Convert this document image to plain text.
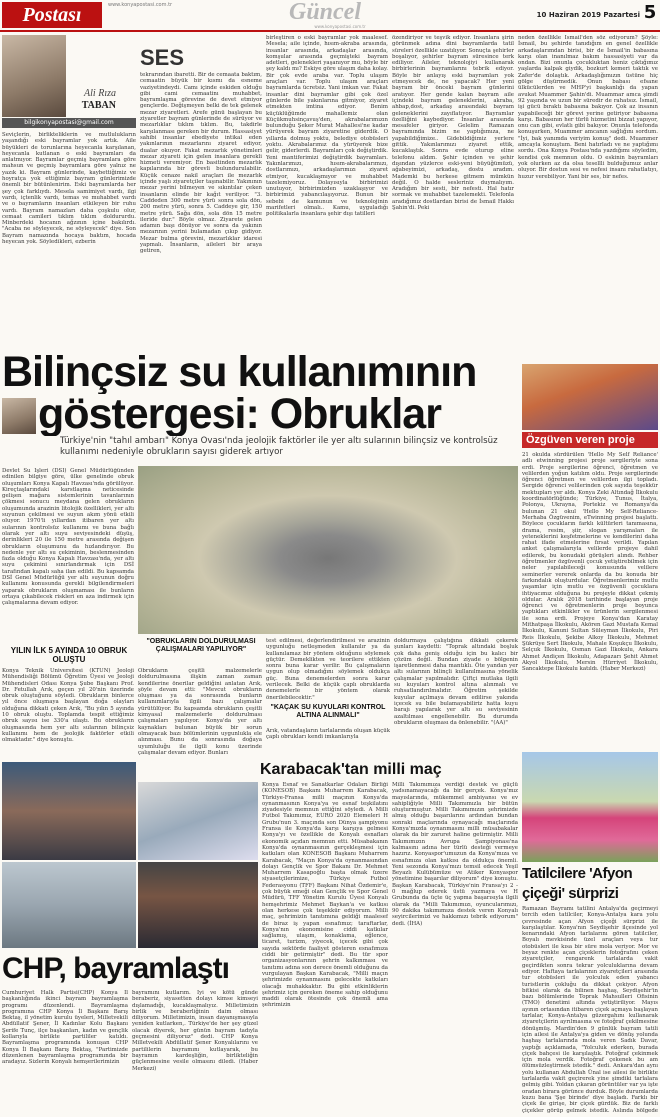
Postası	www.konyapostasi.com.tr	Güncel
www.konyapostasi.com.tr
10 Haziran 2019 Pazartesi 5
Ali Rıza
TABAN
bilgikonyapostasi@gmail.com
SES
Seviçlerin, birlikteliklerin ve mutlulukların yaşandığı eski bayramlar yok artık. Aile büyükleri de torunlarına heyecanla karşılanan, heyecanla kutlanan o eski bayramları da anlatmıyor. Bayramlar geçmiş bayramlara göre mahsun ve geçmiş bayramlara göre yalnız ne yazık ki. Bayram günlerinde, kaybettiğimiz ve hoyratça yok ettiğimiz bayram günlerimizde önemli bir bütünlenirim. Eski bayramlarda her şey çok farklıydı. Mesela samimiyet vardı, ilgi vardı, içtenlik vardı, temas ve muhabbet vardı ve o bayramların insanları etkileyen bir ruhu vardı. Bayram namazları daha çoşkulu olur, cemaat camileri tıklım tıklım doldururdu. Minberdeki hocanın ağzının içine bakılırdı. "Acaba ne söyleyecek, ne söyleyecek" diye. Son Bayram namazında hocaya baktım, hocada heyecan yok. Söyledikleri, ezberin
tekrarından ibaretti. Bir de cemaata baktım, cemaatin büyük bir kısmı da esneme vaziyetindeydi. Camı içinde eskiden olduğu gibi cami cemaatinı muhabbet, bayramlaşma görevine de devet etmiyor gençlerde. Değişmeyen belki de tek gelenek mezar ziyaretleri. Arefe günü başlayan bu ziyaretler bayram günlerinde de sürüyor ve mezarlıklar tıklım tıklım. Bu, takdirle karşılanması gereken bir durum. Hassasiyet sahibi insanlar ebediyete intikal eden yakınlarının mezarlarını ziyaret ediyor, dualar okuyor. Fakat mezarlık yönetimleri mezar ziyareti için gelen insanlara gerekli hizmeti veremiyor. En basitinden mezarlık kapılarında bir görevli bulundurulabilir. Küçük cenaze nakil araçları ile mezarlık içinde yaşlı ziyaretçiler taşınabilir. Yakınının mezar yerini bilmeyen ve sıkıntılar çeken insanların elinde bir kağıt veriliyor. "3. Caddeden 300 metre yürü sonra sola dön, 200 metre yürü, sonra 5. Caddeye gir, 150 metre yürü. Sağa dön, sola dön 15 metre ileride dur." Böyle olmaz. Ziyarete gelen adamın başı dönüyor ve sonra da yakının mezarının yerini bulamadan çıkıp gidiyor. Mezar bulma görevini, mezarlıklar idaresi yapmalı. İnsanların, aileleri bir araya getiren,
birleştiren o eski bayramlar yok maalesef. Mesela; aile içinde, hısım-akraba arasında, insanlar arasında, arkadaşlar arasında, komşular arasında geçmişteki bayram adetleri, gelenekleri yaşanıyor mu, böyle bir şey kaldı mı? Eskiye göre ulaşım daha kolay. Bir çok evde araba var. Toplu ulaşım araçları var. Toplu ulaşım araçları bayramlarda ücretsiz. Yani imkan var. Fakat insanlar dini bayramlar gibi çok özel günlerde bile yakınlarına gitmiyor, ziyaret etmekten imtina ediyor. Benim küçüklüğümde mahallemiz olan Küçükmuhsinçavuş'den, akrabalarımızın bulunduğu Şeker Murat Mahallesi'ne kadar yürüyerek bayram ziyaretine giderdik. O yıllarda dolmuş yoktu, belediye otobüsleri yoktu. Akrabalarımız da yürüyerek bize gelir, giderlerdi. Bayramları çok değiştirdik. Yeni mantiferimizi değiştirdik bayramları. Yakınlarımızı, hısım-akrabalarımızı, dostlarımızı, arkadaşlarımızı ziyaret etmiyor, kucaklaşmıyor ve muhabbet tazelemiyoruz. Dolayısıyla birbirimizi unutuyor, birbirimizden uzaklaşıyor ve birbirimizi yabancılaşıyoruz. Bunun bir sebebi de kamunun ve teknolojinin marifetleri olmalı.. Kamu, uyguladığı politikalarla insanlara şehir dışı tatilleri
özendiriyor ve teşvik ediyor. İnsanlara şirin görünmek adına dini bayramlarda tatil süreleri özellikle uzatılıyor. Sonuçta şehirler boşalıyor, şehirler bayram süresince terk ediliyor. Aileler, teknolojiyi kullanarak birbirlerinin bayramlarını tebrik ediyor. Böyle bir anlayış eski bayramları yok etmeyecek de, ne yapacak? Her yeni bayram bir önceki bayram günlerini aratıyor. Her gende kalan bayram aile içindeki bayram geleneklerini, akraba, ahbap,dost, arkadaş arasındaki bayram geleneklerini zayıflatıyor. Bayramlar özelliğini kaybediyor. İnsanlar arasında mesafeler giriyor. Gelelim Ramazan bayramında bizim ne yaptığımıza, ne yapabildiğimize.. Gidebildiğimiz yerlere gittik. Yakınlarımızı ziyaret ettik, kucaklaştık. Sonra evde oturup eline telefonu aldım. Şehir içinden ve şehir dışından yüzlerce eski-yeni büyüğümüzü, ağabeyimizi, arkadaş, dostu aradım. Mademki bu herkese gitmem mümkün değil. O halde sesleriniz duymalıyım. Aradığım bir sesti, bir nefesti. Hal hatır sormak ve muhabbet tazelemekti. Telefonla aradığımız dostlardan birisi de İsmail Hakkı Şahin'di. Peki
neden özellikle İsmail'den söz ediyorum? Şöyle: İsmail, bu şehirde tanıdığım en genel özellikle arkadaşlarımdan birisi, bir de İsmail'in babasına karşı olan inanılmaz bakım hassasiyeti var da ondan. Bizi onunla çocukluktan heniz çıktığımız yaşlarda kalpak giydik, bozkurt kemeri taktık ve Zafer'de dolaştık. Arkadaşlığımızın üstüne hiç gölge düşürmedik. Onun babası efsane ülkücülerden ve MHP'yi başkanlığı da yapan avukat Muammer Şahin'di. Muammar amca şimdi 92 yaşında ve uzun bir süredir de rahatsız. İsmail, işi gücü bıraktı babasına bakıyor. Çok az insanın yapabileceği bir görevi yerine getiriyor babasına karşı. Babasının her türlü hizmetini bizzat yapıyor, onu can gibi, evlatlı gibi bakıyor. Onunla telefonda konuşurken, Muammer amcanın sağlığını sordum. "İyi, bak yanımda veriyim konuş" dedi. Muammer amcayla konuştum. Beni hatırladı ve ne yaptığımı sordu. Ona Konya Postası'nda yazdığımı söyledim, kendisi çok memnun oldu. O eskinin bayramları yok olurken az da olsa tesellli bulduğumuz anlar oluyor. Bir dostun sesi ve nefesi insanı rahatlatıyı, huzur verebiliyor. Yani bir ses, bir nefes.
Bilinçsiz su kullanımının
göstergesi: Obruklar
Türkiye'nin "tahıl ambarı" Konya Ovası'nda jeolojik faktörler ile yer altı sularının bilinçsiz ve kontrolsüz kullanımı nedeniyle obrukların sayısı giderek artıyor
Devlet Su İşleri (DSİ) Genel Müdürlüğünden edinilen bilgiye göre, ülke genelinde obruk oluşumları Konya Kapalı Havzası'nda görülüyor. Kireçtaşlarındaki karstlaşma neticesinde gelişen mağara sistemlerinin tavanlarının çökmesi sonucu meydana gelen obrukların oluşumunda arazinin litolojik özellikleri, yer altı suyunun çekilmesi ve suyun akım yönü etkili oluyor. 1970'li yıllardan itibaren yer altı sularının kontrolsüz kullanımı ve buna bağlı olarak yer altı suyu seviyesindeki düşüş, derinlikleri 20 ile 150 metre arasında değişen obrukların oluşumunu da hızlandırıyor. Bu nedenle yer altı su çekiminin, beslenmesinden fazla olduğu Konya Kapalı Havzası'nda, yer altı suyu çekimini sınırlandırmak için DSİ tarafından kapalı saha ilan edildi. Bu kapsamda DSİ Genel Müdürlüğü yer altı suyunun doğru kullanımı konusunda gerekli bilgilendirmeleri yaparak obrukların oluşmaması ile bunların ortaya çıkabilecek riskleri en aza indirmek için çalışmalarına devam ediyor.
YILIN İLK 5 AYINDA 10 OBRUK OLUŞTU
Konya Teknik Üniversitesi (KTÜN) Jeoloji Mühendisliği Bölümü Öğretim Üyesi ve Jeoloji Mühendisleri Odası Konya Şube Başkanı Prof. Dr. Fetullah Arık, geçen yıl 20'nin üzerinde obruk oluştuğunu söyledi. Obrukların binlerce yıl önce oluşmaya başlayan doğa olayları olduğuna dikkati çeken Arık, "Bu yılın 5 ayında 10 obruk oluştu. Toplamda tespit ettiğimiz obruk sayısı ise 330'a ulaştı. Bu obrukların oluşmasında hem yer altı sularının bilinçsiz kullanımı hem de jeolojik faktörler etkili olmaktadır." diye konuştu.
"OBRUKLARIN DOLDURULMASI ÇALIŞMALARI YAPILIYOR"
Obrukların çeşitli malzemelerle doldurulmasına ilişkin zaman zaman kendilerine önerilar geldiğini anlatan Arık, şöyle devam etti: "Mevcut obrukların oluşması ya da sonrasında bunların kullanımlarıyla ilgili bazı çalışmalar yürütülüyor. Bu kapsamda obrukların çeşitli kimyasal malzemelerle doldurulması çalışmaları yapılıyor. Konya'da yer altı kaynakları bulunan büyük bir sorun olmayacak bazı bölümlerinin uygunlukla ele alınması. Bunu da sonrasında doğaya uyumluluğu ile ilgili konu üzerinde çalışmalar devam ediyor. Bunları
test edilmesi, değerlendirilmesi ve arazinin uygunluğu netleşmeden kullanılır ya da kullanılamaz bir yöntem olduğunu söylemek güçtür. Demeklikten ve teorilere ettikten sonra buna karar verilir. Bu çalışmaların uygun olup olmadığını söylemek oldukça güç. Buna denemelerden sonra karar verilecek. Belki de küçük çaplı obruklarda denemelerle bir yöntem olarak önerilebilecektir."
"KAÇAK SU KUYULARI KONTROL ALTINA ALINMALI"
Arık, vatandaşların tarlalarında oluşan küçük çaplı obrukları kendi imkanlarıyla
doldurmaya çalıştığına dikkati çekerek şunları kaydetti: "Toprak altındaki boşluk çok daha geniş olduğu için bu kalıcı bir çözüm değil. Bundan ziyade o bölgenin işaretlenmesi daha mantıklı. Öte yandan yer altı sularının bilinçli kullanılmasına yönelik çalışmalar yapılmalıdır. Çiftçi mutlaka ilgili su kuyuları kontrol altına alınmalı ve ruhsatlandırılmalıdır. Öğretim şekilde kuyular açılmaya devam edilirse yakında içecek su bile bulamayabiliriz hatta kuyu barajı yapılarak yer altı su seviyesinin azaltılması engellenebilir. Bu durumda obrukların oluşması da önlenebilir. "(AA)"
Karabacak'tan milli maç
Konya Esnaf ve Sanatkarlar Odaları Birliği (KONESOB) Başkanı Muharrem Karabacak, Türkiye-Fransa milli maçının Konya'da oynanmasının Konya'ya ve esnaf teşkilatını ziyadesiyle memnun ettiğini söyledi. A Milli Futbol Takımımız, EURO 2020 Elemeleri H Grubu'nun 3. maçında son Dünya şampiyonu Fransa ile Konya'da karşı karşıya gelmesi Konya'yı ve özellikle de Konyalı esnafları ekonomik açıdan memnun etti. Müsabakanın Konya'da oynanmasının gerçekleşmesi için katkıları olan KONESOB Başkanı Muharrem Karabacak, "Maçın Konya'da oynanmasından dolayı Gençlik ve Spor Bakanı Dr. Mehmet Muharrem Kasapoğlu başta olmak üzere siyasetçilerimize, Türkiye Futbol Federasyonu (TFF) Başkanı Nihat Özdemir'e, çok büyük emeği olan Gençlik ve Spor Genel Müdürü, TFF Yönetim Kurulu Üyesi Konyalı hemşehrimiz Mehmet Baykan'a ve katkısı olan herkese çok teşekkür ediyorum. Milli maç, şehrimizin tanıtımına geldiği maalesef de biraz iş yapan esnafımız; taraftarlar, Konya'nın ekonomisine ciddi katkılar sağlamış, ulaşım, konaklama, eğlence, ticaret, turizm, yiyecek, içecek gibi çok sayıda sektörde faaliyet gösteren esnafımıza ciddi bir getirmiştir" dedi. Bu tür spor organizasyonlarının şehrin kalkınması ve tanıtımı adına son derece önemli olduğunu da vurgulayan Başkan Karabacak, "Milli maçın şehrimizde oynanmasını gelecekte katkıları olacağı muhakkaktır. Bu gibi etkinliklerin şehrimiz için gereken öneme sahip olduğunu maddi olarak ötesinde çok önemli ama şehrimizin
Milli Takımımıza verdiği destek ve güçlü yadsınamayacağı da bir gerçek. Konya'mız mayıslarında, mükemmel ambiyansı ve ev sahipliğiyle Milli Takımımızla bir bütün oluşturmuştur. Milli Takımımızın şehrimizde almış olduğu başarılarını ardından bundan sonraki maçlarında oynayacağı maçlarında Konya'mızda oynanmasını milli müsabakalar olarak da bir zaruret haline getirmiştir. Milli Takımımızın Avrupa Şampiyonası'na kalmasını adına her türlü desteği vermeye hazırız. Konyaspor'umuzun da Konya'mıza ve esnafımıza olan katkısı da oldukça önemli. Yeni sezonda Konya'mızı temsil edecek Yeşil Beyazlı Kulübümüze ve Atiker Konyaspor yönetimine başarılar diliyorum" diye konuştu. Başkan Karabacak, Türkiye'nin Fransa'yı 2 - 0 mağlup ederek üstü yazmaya ve H Grubunda da üçte üç yapma başarısıyla ilgili olarak da "Milli Takımımızı, oyuncularımızı, 90 dakika takımımıza destek veren Konyalı seyircilerimizi ve hakkımızı tebrik ediyorum" dedi. (İHA)
CHP, bayramlaştı
Cumhuriyet Halk Partisi(CHP) Konya İl başkanlığında ikinci bayram bayramlaşma programı düzenlendi. Bayramlaşma programına CHP Konya İl Başkanı Barış Bektaş, il yönetim kurulu üyeleri, Milletvekili Abdüllatif Şener, İl Kadınlar Kolu Başkanı Şerife Tunç, ilçe başkanları, kadın ve gençlik kollarıyla birlikte partililer katıldı. Bayramlaşma programında konuşan CHP Konya İl Başkanı Barış Bektaş, "Partimizde düzenlenen bayramlaşma programında bir aradayız. Sizlerin Konyalı hemşerilerimizin
bayramını kutlarım. İyi ve kötü günde beraberiz, siyasetten dolayı kimse kimseyi dışlamadığı, kucaklaşmalıyız. Milletimizin birlik ve beraberliğinin daim olması diliyorum. Milletimizin, insan dayanışmasıyla yeniden kutlarken,. Türkiye'de her şey güzel olacak diyerek, her günün bayram tadıyla geçmesini diliyoruz" dedi. CHP Konya Milletvekili Abdüllatif Şener Konyalılarını ve partililerin bayramını kutlayarak, bu bayramın kardeşliğin, birlikteliğin güçlenmesine vesile olmasını diledi. (Haber Merkezi)
Özgüven veren proje
21 okulda sürdürülen 'Hello My Self Reliance' adlı etwinning projesi proje sergileriyle sona erdi. Proje sergilerine öğrenci, öğretmen ve velilerden yoğun katılım oldu. Proje sergilerinde öğrenci öğretmen ve velilerden ilgi topladı. Sergide öğrenci velilerinden çok sayıda teşekkür mektupları yer aldı. Konya Zeki Altındağ İlkokulu koordinatörlüğünde; Türkiye, Tunus, İtalya, Polonya, Ukrayna, Portekiz ve Romanya'da bulunan 21 okul 'Hello My Self-Reliance-Merhaba Özgüvenim, eTwinning projesi başlattı. Böylece çocukların farklı kültürleri tanımasına, drama, resim, şiir, slogan yarışmaları ile yeteneklerini keşfetmelerine ve kendilerini daha rahat ifade etmelerine fırsat verildi. Yapılan anket çalışmalarıyla velilerde projeye dahil edilerek, bu konudaki görüşleri alındı. Rehber öğretmenler özgüvenli çocuk yetiştirebilmek için neler yapılabileceği konusunda velilere seminerler vererek onlarda da bu konuda bir farkındalık oluşturdular. Öğretmenlerimiz mutlu yaşamlar için mutlu ve özgüvenli çocuklara ihtiyacımız olduğuna bu projeyle dikkat çekmiş oldular. Aralık 2018 tarihinde başlayan proje öğrenci ve öğretmenlerin proje boyunca yaptıkları etkinlikler ve ürünlerin sergilenmesi ile sona erdi. Projeye Konya'dan Karatay Mithatpaşa İlkokulu, Akören Gazi Mustafa Kemal İlkokulu, Kanuni Sultan Süleyman İlkokulu, Piri Reis İlkokulu, Şekibe Alkoy İlkokulu, Mehmet Şükrüye Sert İlkokulu, Mahale Koşukçu İlkokulu, Selçuk İlkokulu, Osman Gazi İlkokulu, Ankara Ahmet Andiçen İlkokulu, Adapazarı Şehit Ahmet Akyol İlkokulu, Mersin Hürriyet İlkokulu, Sancaktepe İlkokulu katıldı. (Haber Merkezi)
Tatilcilere 'Afyon
çiçeği' sürprizi
Ramazan Bayramı tatilini Antalya'da geçirmeyi tercih eden tatilciler, Konya-Antalya kara yolu çevresinde açan Afyon çiçeği sürprizi ile karşılaştılar. Konya'nın Seydişehir ilçesinde yol kenarındaki Afyon tarlalarını gören tatilciler, Boyalı mevkisinde üzel araçları veya tur otobüsleri ile kısa bir süre mola veriyor. Mor ve beyaz renkte açan çiçeklerin fotoğrafını çeken ziyaretçiler, rengarenk tarlalarda vakit geçirdikten sonra tekrar yolculuklarına devam ediyor. Haftaya tarlalarının ziyaretçileri arasında tur otobüsleri ile yolculuk eden yabancı turistlerin çokluğu da dikkat çekiyor. Afyon bitkisi olarak da bilinen haşhaş, Seydişehir'in bazı bölümlerinde Toprak Mahsulleri Ofisinin (TMO) denetimi altında yetiştiriliyor. Mayıs ayının ortasından itibaren çiçek açmaya başlayan tarlalar, Konya-Antalya güzergahını kullanarak ziyaretçilerin ayrılmasına ve fotoğraf çekilmesine dönüşmüş. Mardin'den 9 günlük bayram tatili için ailesi ile Antalya'ya giden ve dönüş yolunda haşhaş tarlalarında mola veren Sadık Davar, yaptığı açıklamada, "Yolculuk ederken, burada çiçek bahçesi ile karşılaştık. Fotoğraf çekinmek için mola verdik. Fotoğraf çekenek bu am ölümsüzleştirmek istedik." dedi. Ankara'dan aynı yolu kullanan Abdullah Ünal ise ailesi ile birlikte tarlalarda vakit geçirerek yine şimdiki tarlalara gelmiş gibi. Yoldan çıkaran görüntüler var ya işte oradan birara görünce durduk. Böyle durumlarda kuzu bana 'Şşe birinde' diye başladı. Farklı bir çiçek ile girişe, bir çiçek gürdük. Biz de farklı çiçekler görüp gelmek istedik. Aslında bölgede
